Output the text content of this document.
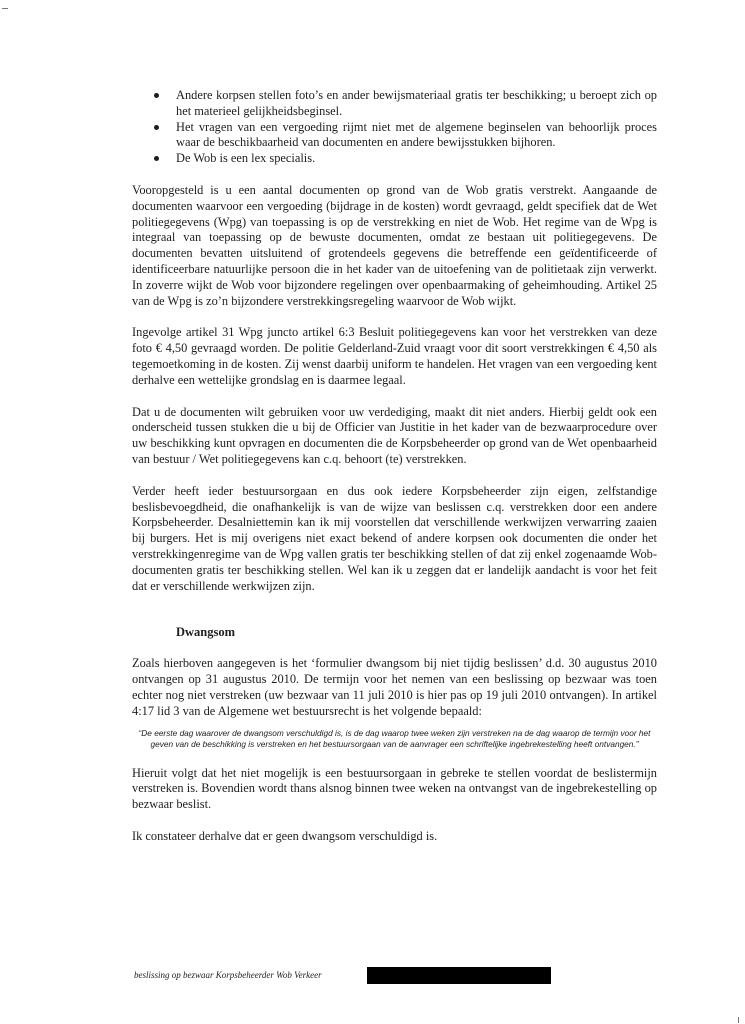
Andere korpsen stellen foto’s en ander bewijsmateriaal gratis ter beschikking; u beroept zich op het materieel gelijkheidsbeginsel.
Het vragen van een vergoeding rijmt niet met de algemene beginselen van behoorlijk proces waar de beschikbaarheid van documenten en andere bewijsstukken bijhoren.
De Wob is een lex specialis.

Vooropgesteld is u een aantal documenten op grond van de Wob gratis verstrekt. Aangaande de documenten waarvoor een vergoeding (bijdrage in de kosten) wordt gevraagd, geldt specifiek dat de Wet politiegegevens (Wpg) van toepassing is op de verstrekking en niet de Wob. Het regime van de Wpg is integraal van toepassing op de bewuste documenten, omdat ze bestaan uit politiegegevens. De documenten bevatten uitsluitend of grotendeels gegevens die betreffende een geïdentificeerde of identificeerbare natuurlijke persoon die in het kader van de uitoefening van de politietaak zijn verwerkt. In zoverre wijkt de Wob voor bijzondere regelingen over openbaarmaking of geheimhouding. Artikel 25 van de Wpg is zo’n bijzondere verstrekkingsregeling waarvoor de Wob wijkt.

Ingevolge artikel 31 Wpg juncto artikel 6:3 Besluit politiegegevens kan voor het verstrekken van deze foto € 4,50 gevraagd worden. De politie Gelderland-Zuid vraagt voor dit soort verstrekkingen € 4,50 als tegemoetkoming in de kosten. Zij wenst daarbij uniform te handelen. Het vragen van een vergoeding kent derhalve een wettelijke grondslag en is daarmee legaal.

Dat u de documenten wilt gebruiken voor uw verdediging, maakt dit niet anders. Hierbij geldt ook een onderscheid tussen stukken die u bij de Officier van Justitie in het kader van de bezwaarprocedure over uw beschikking kunt opvragen en documenten die de Korpsbeheerder op grond van de Wet openbaarheid van bestuur / Wet politiegegevens kan c.q. behoort (te) verstrekken.

Verder heeft ieder bestuursorgaan en dus ook iedere Korpsbeheerder zijn eigen, zelfstandige beslisbevoegdheid, die onafhankelijk is van de wijze van beslissen c.q. verstrekken door een andere Korpsbeheerder. Desalniettemin kan ik mij voorstellen dat verschillende werkwijzen verwarring zaaien bij burgers. Het is mij overigens niet exact bekend of andere korpsen ook documenten die onder het verstrekkingenregime van de Wpg vallen gratis ter beschikking stellen of dat zij enkel zogenaamde Wob-documenten gratis ter beschikking stellen. Wel kan ik u zeggen dat er landelijk aandacht is voor het feit dat er verschillende werkwijzen zijn.

Dwangsom

Zoals hierboven aangegeven is het ‘formulier dwangsom bij niet tijdig beslissen’ d.d. 30 augustus 2010 ontvangen op 31 augustus 2010. De termijn voor het nemen van een beslissing op bezwaar was toen echter nog niet verstreken (uw bezwaar van 11 juli 2010 is hier pas op 19 juli 2010 ontvangen). In artikel 4:17 lid 3 van de Algemene wet bestuursrecht is het volgende bepaald:

“De eerste dag waarover de dwangsom verschuldigd is, is de dag waarop twee weken zijn verstreken na de dag waarop de termijn voor het geven van de beschikking is verstreken en het bestuursorgaan van de aanvrager een schriftelijke ingebrekestelling heeft ontvangen.”

Hieruit volgt dat het niet mogelijk is een bestuursorgaan in gebreke te stellen voordat de beslistermijn verstreken is. Bovendien wordt thans alsnog binnen twee weken na ontvangst van de ingebrekestelling op bezwaar beslist.

Ik constateer derhalve dat er geen dwangsom verschuldigd is.

beslissing op bezwaar Korpsbeheerder Wob Verkeer
